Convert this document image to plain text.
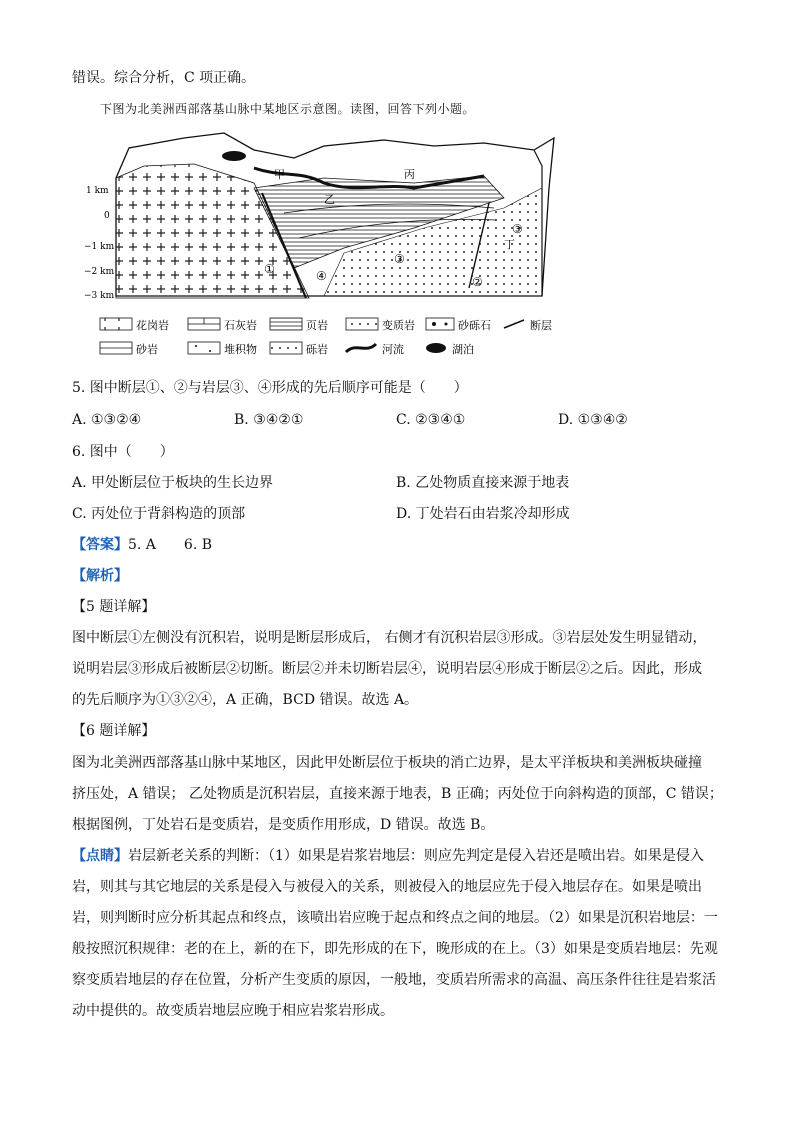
错误。综合分析，C 项正确。
下图为北美洲西部落基山脉中某地区示意图。读图，回答下列小题。
1 km
0
−1 km
−2 km
−3 km
甲
乙
丙
丁
①
②
③
③
④
花岗岩	石灰岩	页岩	变质岩	砂砾石	断层
砂岩	堆积物	砾岩	河流	湖泊
5. 图中断层①、②与岩层③、④形成的先后顺序可能是（　　）
A. ①③②④	B. ③④②①	C. ②③④①	D. ①③④②
6. 图中（　　）
A. 甲处断层位于板块的生长边界	B. 乙处物质直接来源于地表
C. 丙处位于背斜构造的顶部	D. 丁处岩石由岩浆冷却形成
【答案】5. A　　6. B
【解析】
【5 题详解】
图中断层①左侧没有沉积岩，说明是断层形成后， 右侧才有沉积岩层③形成。③岩层处发生明显错动，
说明岩层③形成后被断层②切断。断层②并未切断岩层④，说明岩层④形成于断层②之后。因此，形成
的先后顺序为①③②④，A 正确，BCD 错误。故选 A。
【6 题详解】
图为北美洲西部落基山脉中某地区，因此甲处断层位于板块的消亡边界，是太平洋板块和美洲板块碰撞
挤压处，A 错误； 乙处物质是沉积岩层，直接来源于地表，B 正确；丙处位于向斜构造的顶部，C 错误；
根据图例，丁处岩石是变质岩，是变质作用形成，D 错误。故选 B。
【点睛】岩层新老关系的判断：（1）如果是岩浆岩地层：则应先判定是侵入岩还是喷出岩。如果是侵入
岩，则其与其它地层的关系是侵入与被侵入的关系，则被侵入的地层应先于侵入地层存在。如果是喷出
岩，则判断时应分析其起点和终点，该喷出岩应晚于起点和终点之间的地层。（2）如果是沉积岩地层：一
般按照沉积规律：老的在上，新的在下，即先形成的在下，晚形成的在上。（3）如果是变质岩地层：先观
察变质岩地层的存在位置，分析产生变质的原因，一般地，变质岩所需求的高温、高压条件往往是岩浆活
动中提供的。故变质岩地层应晚于相应岩浆岩形成。
